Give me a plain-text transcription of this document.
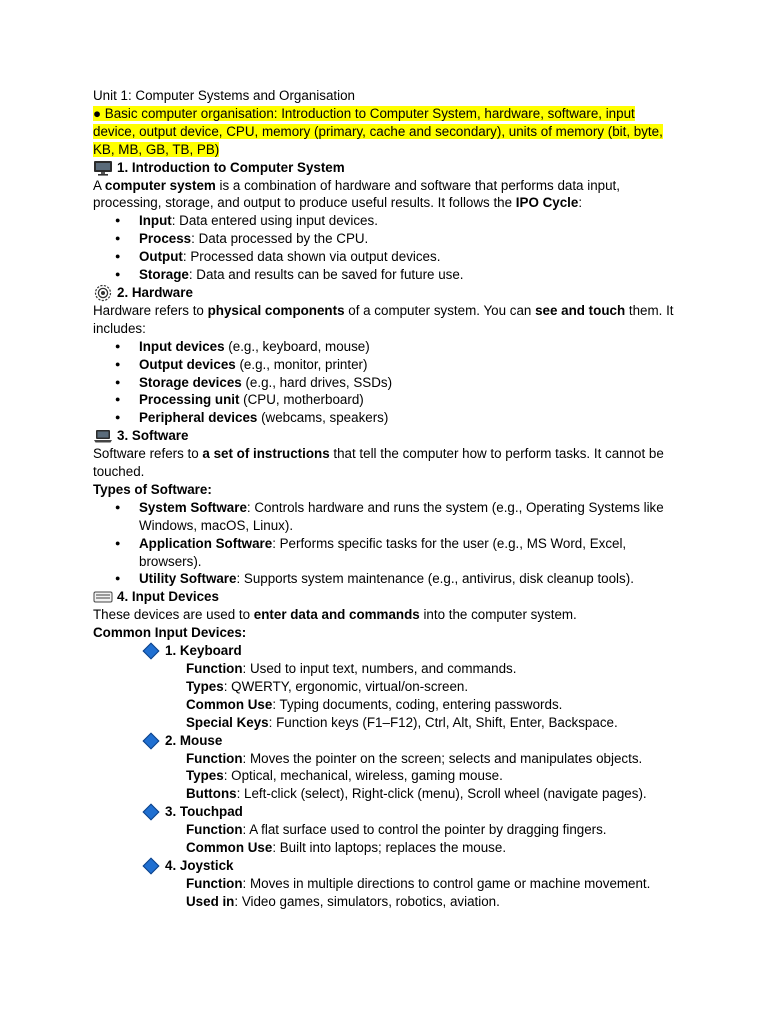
Unit 1: Computer Systems and Organisation
● Basic computer organisation: Introduction to Computer System, hardware, software, input
device, output device, CPU, memory (primary, cache and secondary), units of memory (bit, byte,
KB, MB, GB, TB, PB)
1. Introduction to Computer System
A computer system is a combination of hardware and software that performs data input,
processing, storage, and output to produce useful results. It follows the IPO Cycle:
● Input: Data entered using input devices.
● Process: Data processed by the CPU.
● Output: Processed data shown via output devices.
● Storage: Data and results can be saved for future use.
2. Hardware
Hardware refers to physical components of a computer system. You can see and touch them. It
includes:
● Input devices (e.g., keyboard, mouse)
● Output devices (e.g., monitor, printer)
● Storage devices (e.g., hard drives, SSDs)
● Processing unit (CPU, motherboard)
● Peripheral devices (webcams, speakers)
3. Software
Software refers to a set of instructions that tell the computer how to perform tasks. It cannot be
touched.
Types of Software:
● System Software: Controls hardware and runs the system (e.g., Operating Systems like
Windows, macOS, Linux).
● Application Software: Performs specific tasks for the user (e.g., MS Word, Excel,
browsers).
● Utility Software: Supports system maintenance (e.g., antivirus, disk cleanup tools).
4. Input Devices
These devices are used to enter data and commands into the computer system.
Common Input Devices:
1. Keyboard
Function: Used to input text, numbers, and commands.
Types: QWERTY, ergonomic, virtual/on-screen.
Common Use: Typing documents, coding, entering passwords.
Special Keys: Function keys (F1–F12), Ctrl, Alt, Shift, Enter, Backspace.
2. Mouse
Function: Moves the pointer on the screen; selects and manipulates objects.
Types: Optical, mechanical, wireless, gaming mouse.
Buttons: Left-click (select), Right-click (menu), Scroll wheel (navigate pages).
3. Touchpad
Function: A flat surface used to control the pointer by dragging fingers.
Common Use: Built into laptops; replaces the mouse.
4. Joystick
Function: Moves in multiple directions to control game or machine movement.
Used in: Video games, simulators, robotics, aviation.
